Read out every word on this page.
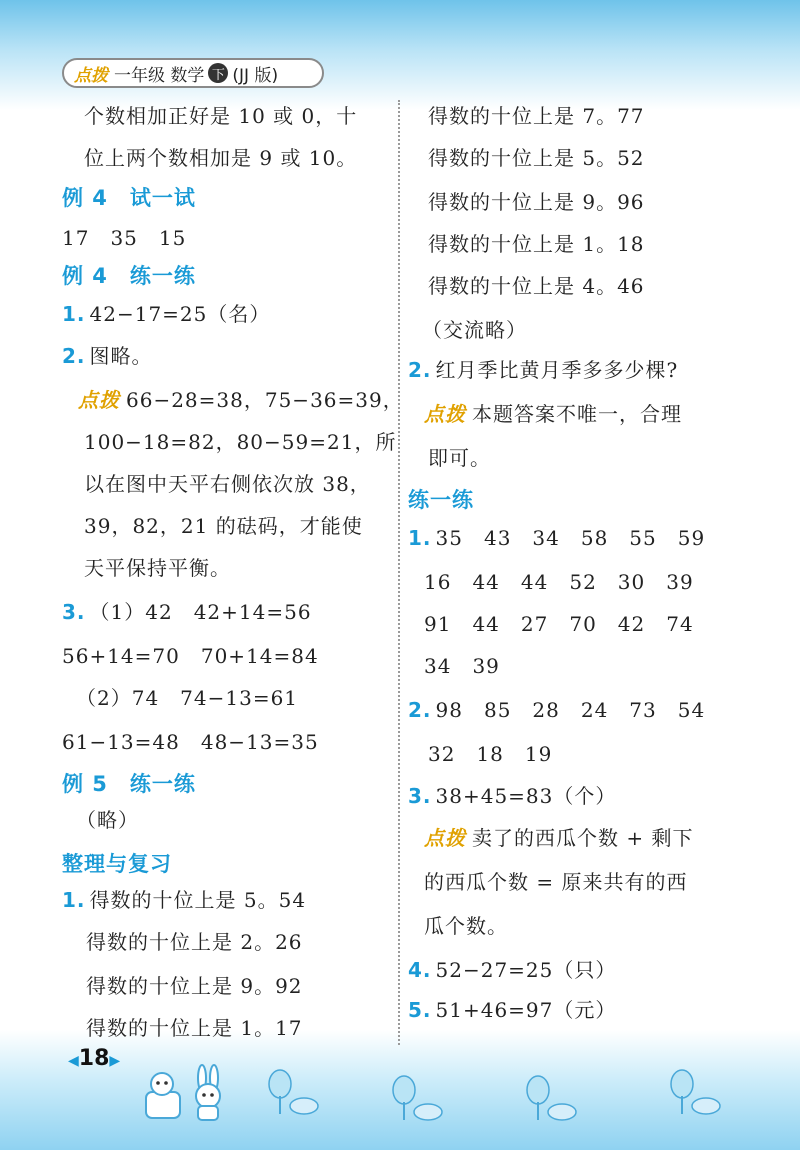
点拨 一年级 数学 下 (JJ 版)
个数相加正好是 10 或 0，十
位上两个数相加是 9 或 10。
例 4　试一试
17　35　15
例 4　练一练
1. 42−17=25（名）
2. 图略。
点拨 66−28=38，75−36=39，
100−18=82，80−59=21，所
以在图中天平右侧依次放 38，
39，82，21 的砝码，才能使
天平保持平衡。
3. （1）42　42+14=56
56+14=70　70+14=84
（2）74　74−13=61
61−13=48　48−13=35
例 5　练一练
（略）
整理与复习
1. 得数的十位上是 5。54
得数的十位上是 2。26
得数的十位上是 9。92
得数的十位上是 1。17
得数的十位上是 7。77
得数的十位上是 5。52
得数的十位上是 9。96
得数的十位上是 1。18
得数的十位上是 4。46
（交流略）
2. 红月季比黄月季多多少棵?
点拨 本题答案不唯一，合理
即可。
练一练
1. 35　43　34　58　55　59
16　44　44　52　30　39
91　44　27　70　42　74
34　39
2. 98　85　28　24　73　54
32　18　19
3. 38+45=83（个）
点拨 卖了的西瓜个数 + 剩下
的西瓜个数 = 原来共有的西
瓜个数。
4. 52−27=25（只）
5. 51+46=97（元）
◀18▶
